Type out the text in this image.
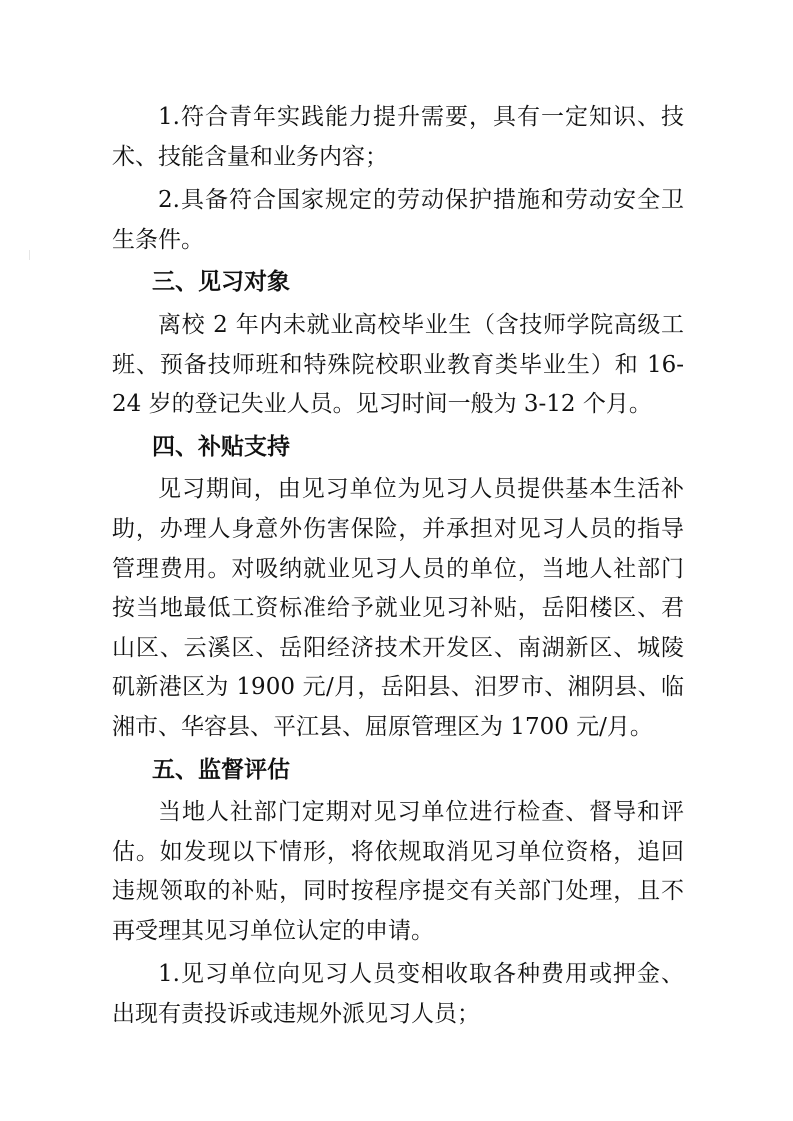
1.符合青年实践能力提升需要，具有一定知识、技术、技能含量和业务内容；

2.具备符合国家规定的劳动保护措施和劳动安全卫生条件。

三、见习对象

离校 2 年内未就业高校毕业生（含技师学院高级工班、预备技师班和特殊院校职业教育类毕业生）和 16-24 岁的登记失业人员。见习时间一般为 3-12 个月。

四、补贴支持

见习期间，由见习单位为见习人员提供基本生活补助，办理人身意外伤害保险，并承担对见习人员的指导管理费用。对吸纳就业见习人员的单位，当地人社部门按当地最低工资标准给予就业见习补贴，岳阳楼区、君山区、云溪区、岳阳经济技术开发区、南湖新区、城陵矶新港区为 1900 元/月，岳阳县、汨罗市、湘阴县、临湘市、华容县、平江县、屈原管理区为 1700 元/月。

五、监督评估

当地人社部门定期对见习单位进行检查、督导和评估。如发现以下情形，将依规取消见习单位资格，追回违规领取的补贴，同时按程序提交有关部门处理，且不再受理其见习单位认定的申请。

1.见习单位向见习人员变相收取各种费用或押金、出现有责投诉或违规外派见习人员；
